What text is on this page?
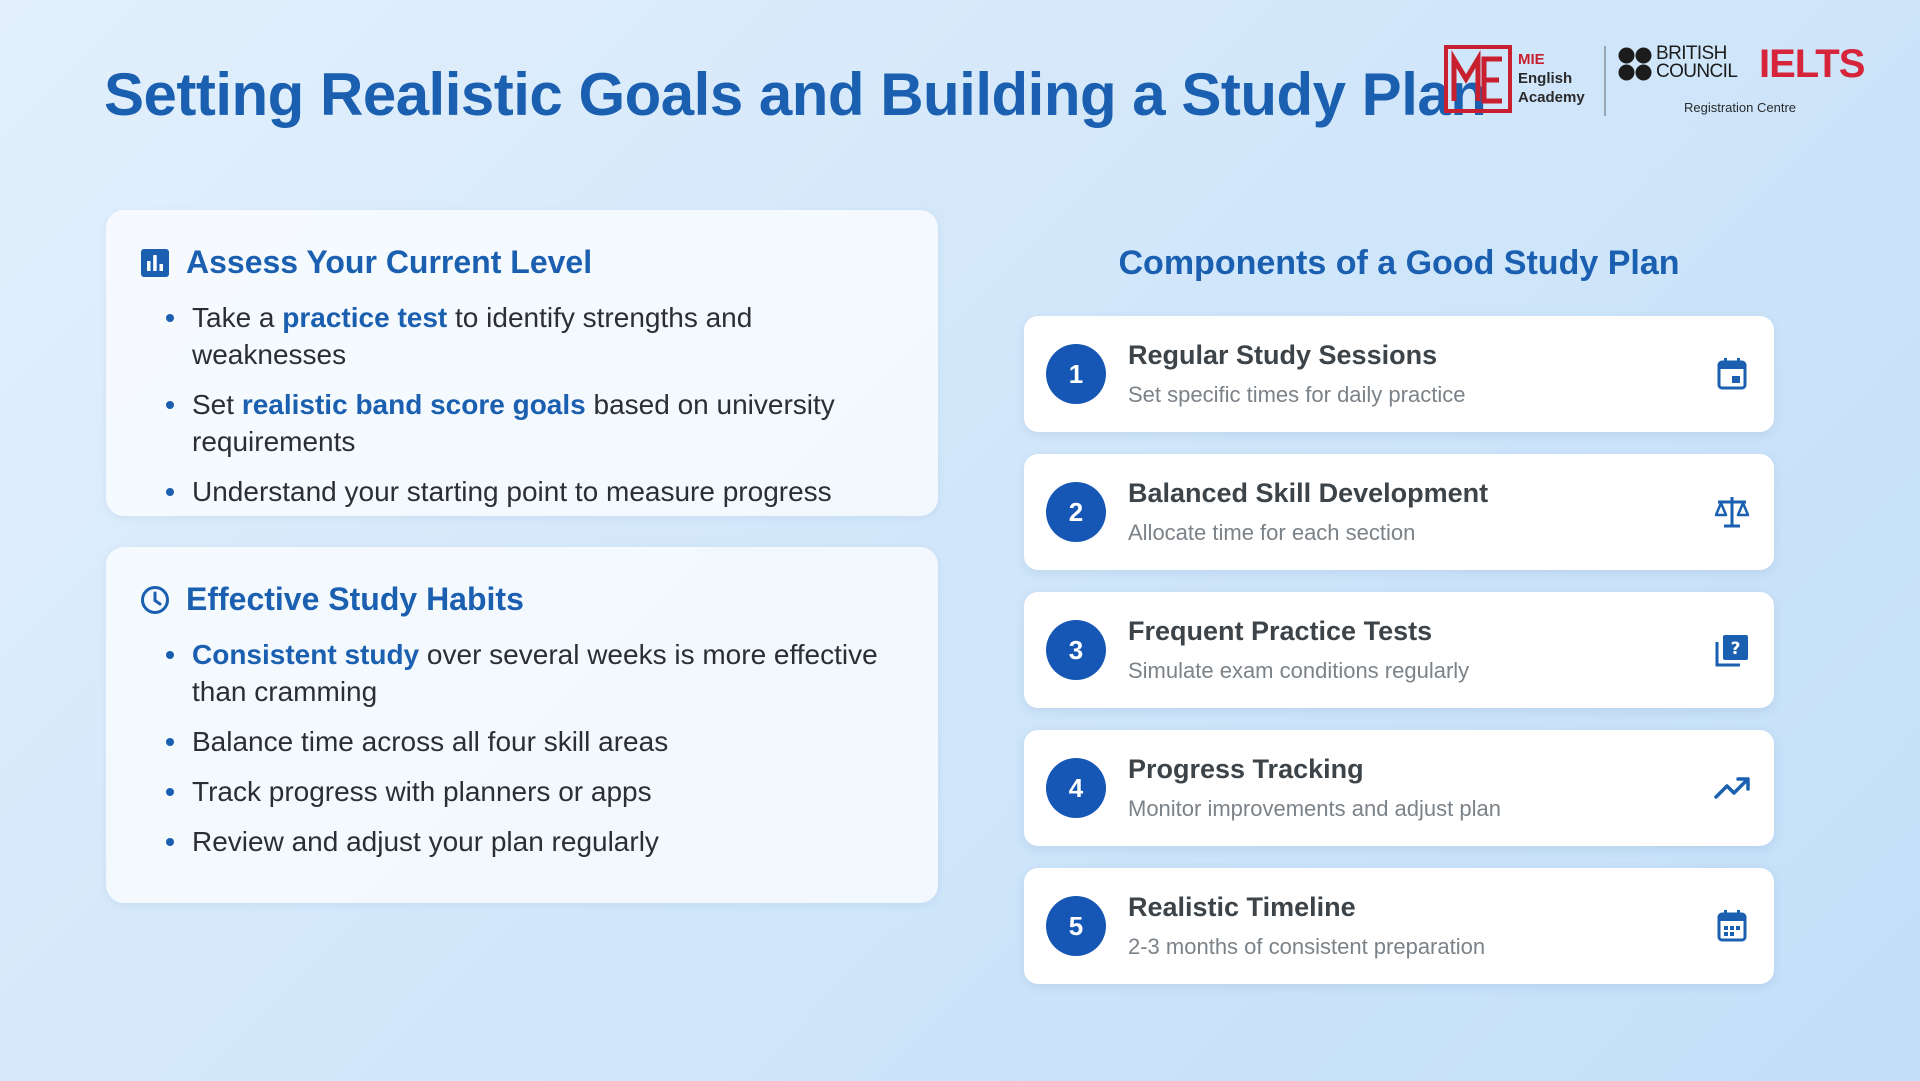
Setting Realistic Goals and Building a Study Plan
MIE
English
Academy
BRITISH
COUNCIL IELTS
Registration Centre
Assess Your Current Level
Take a practice test to identify strengths and weaknesses
Set realistic band score goals based on university requirements
Understand your starting point to measure progress
Effective Study Habits
Consistent study over several weeks is more effective than cramming
Balance time across all four skill areas
Track progress with planners or apps
Review and adjust your plan regularly
Components of a Good Study Plan
1
Regular Study Sessions
Set specific times for daily practice
2
Balanced Skill Development
Allocate time for each section
3
Frequent Practice Tests
Simulate exam conditions regularly
?
4
Progress Tracking
Monitor improvements and adjust plan
5
Realistic Timeline
2-3 months of consistent preparation
